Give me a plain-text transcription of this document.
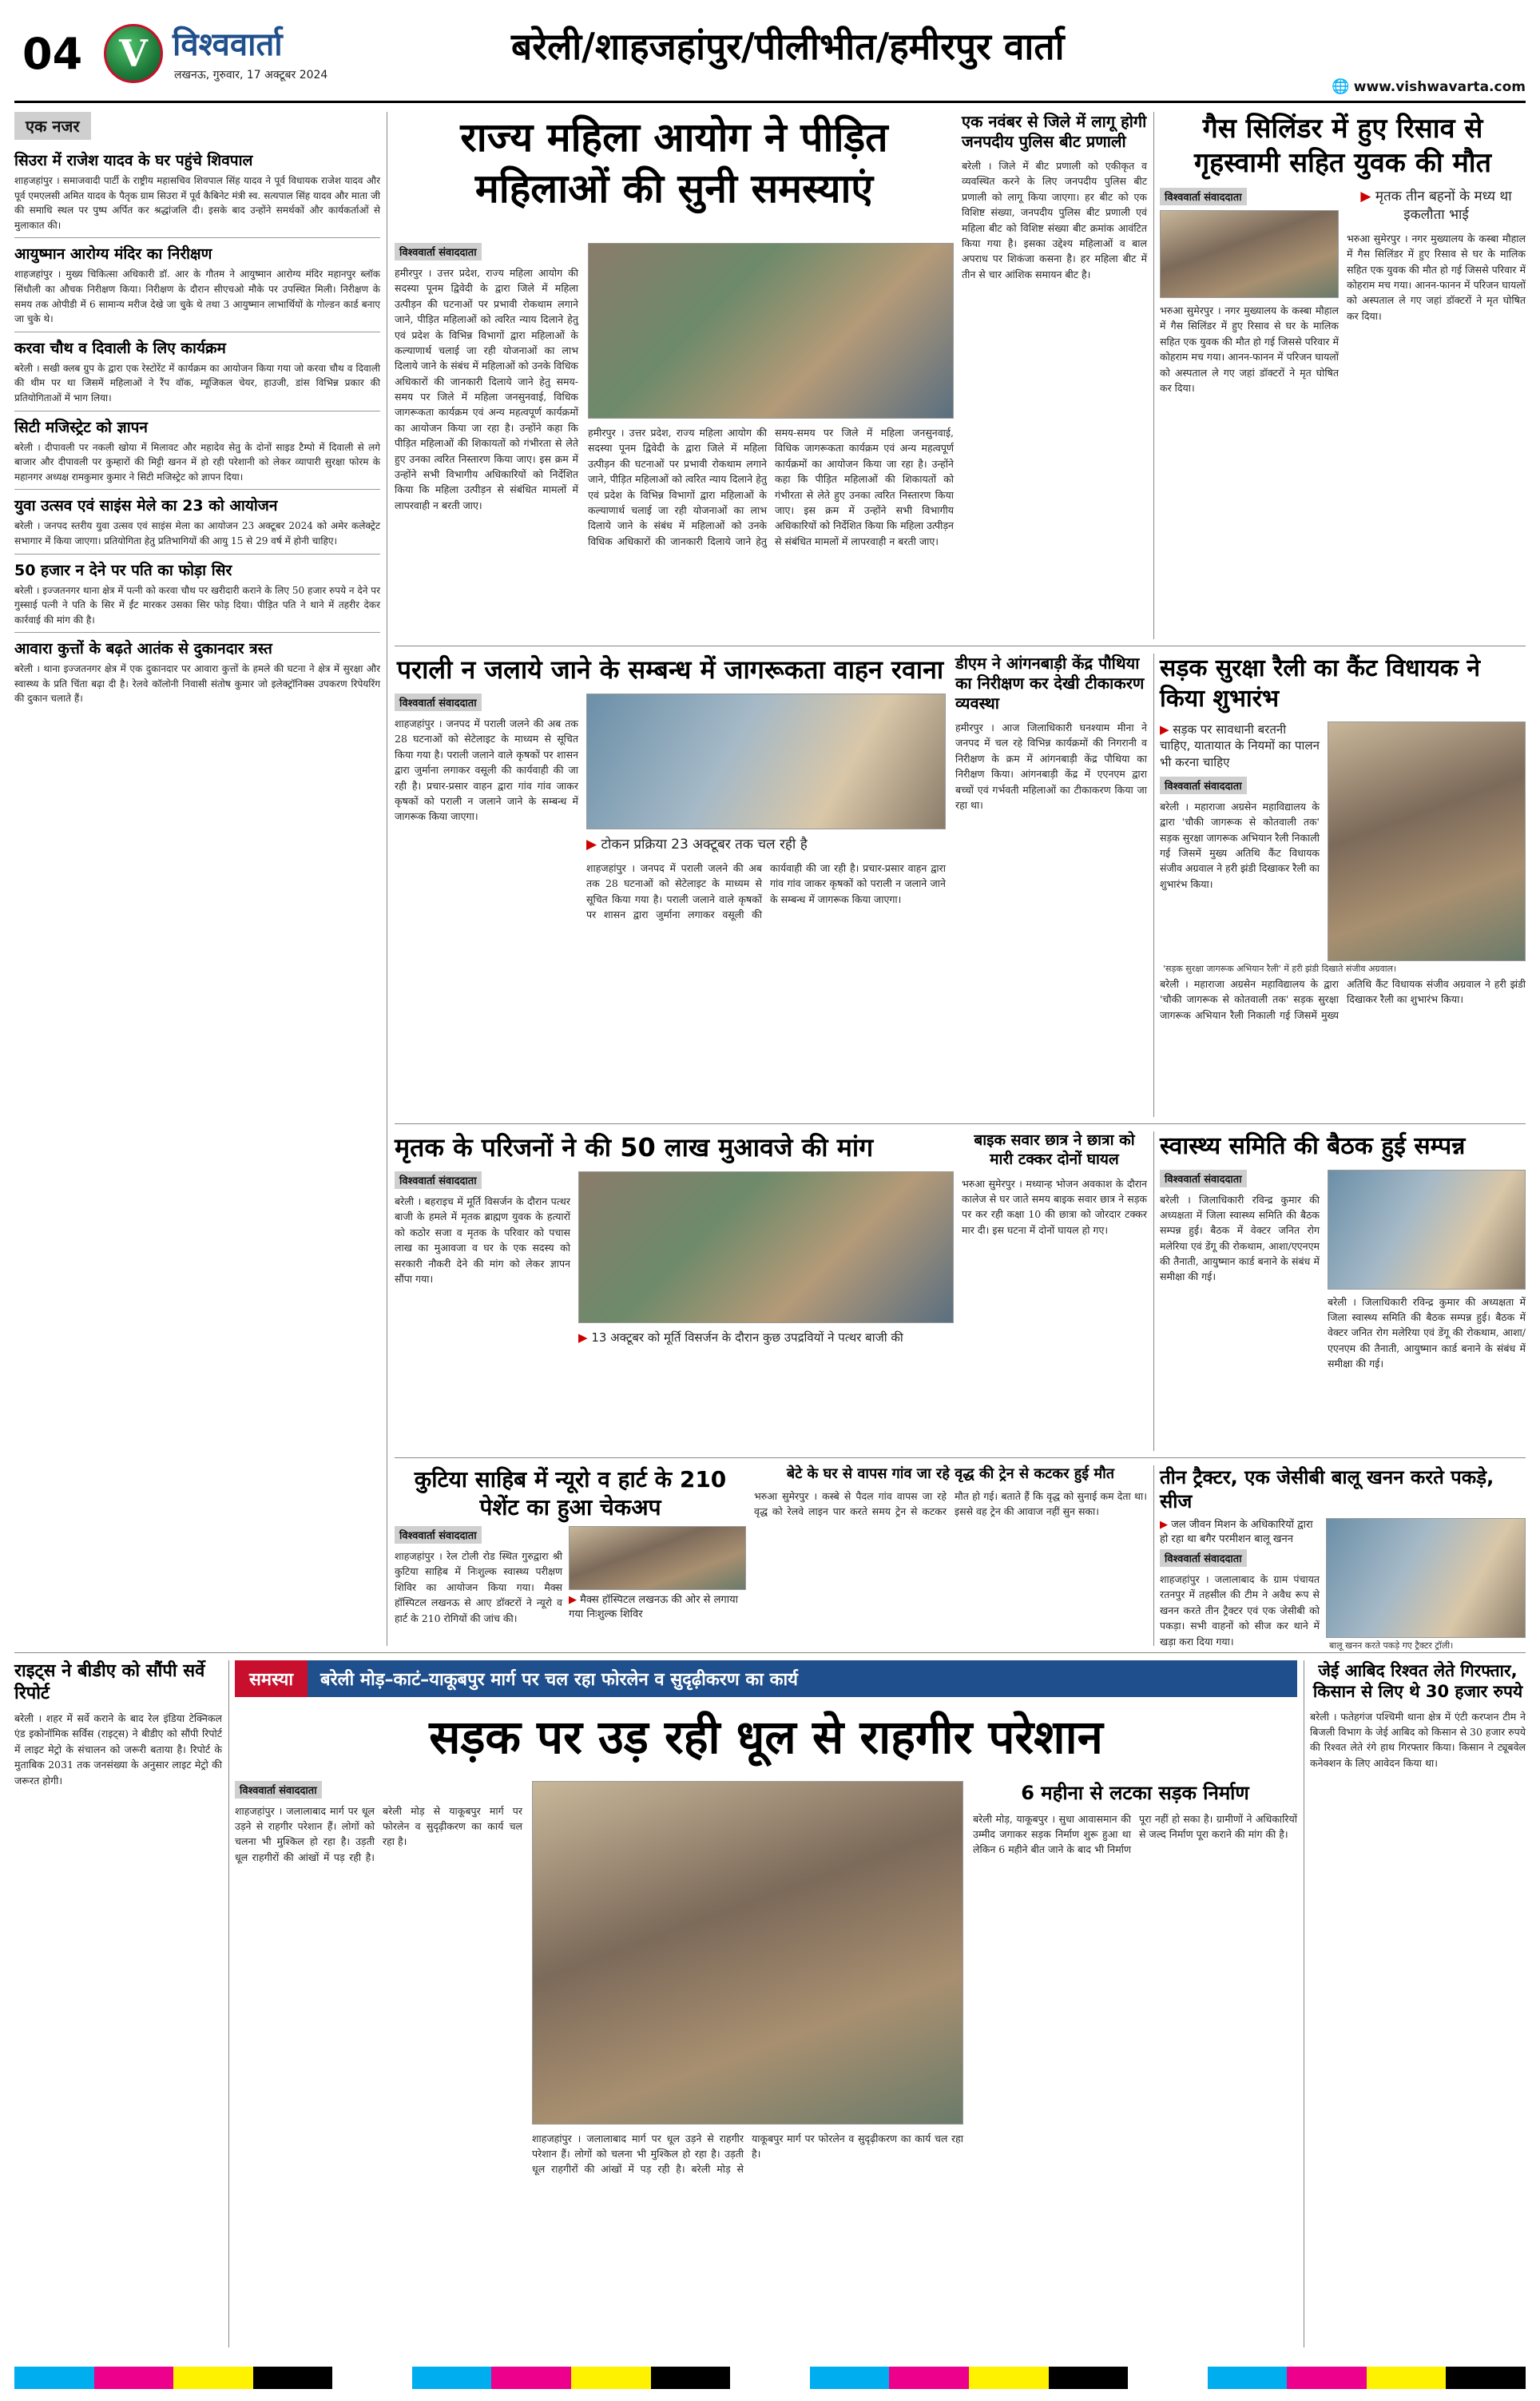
04 V विश्ववार्ता
लखनऊ, गुरुवार, 17 अक्टूबर 2024
बरेली/शाहजहांपुर/पीलीभीत/हमीरपुर वार्ता
🌐 www.vishwavarta.com
एक नजर
सिउरा में राजेश यादव के घर पहुंचे शिवपाल
शाहजहांपुर । समाजवादी पार्टी के राष्ट्रीय महासचिव शिवपाल सिंह यादव ने पूर्व विधायक राजेश यादव और पूर्व एमएलसी अमित यादव के पैतृक ग्राम सिउरा में पूर्व कैबिनेट मंत्री स्व. सत्यपाल सिंह यादव और माता जी की समाधि स्थल पर पुष्प अर्पित कर श्रद्धांजलि दी। इसके बाद उन्होंने समर्थकों और कार्यकर्ताओं से मुलाकात की।
आयुष्मान आरोग्य मंदिर का निरीक्षण
शाहजहांपुर । मुख्य चिकित्सा अधिकारी डॉ. आर के गौतम ने आयुष्मान आरोग्य मंदिर महानपुर ब्लॉक सिंधौली का औचक निरीक्षण किया। निरीक्षण के दौरान सीएचओ मौके पर उपस्थित मिली। निरीक्षण के समय तक ओपीडी में 6 सामान्य मरीज देखे जा चुके थे तथा 3 आयुष्मान लाभार्थियों के गोल्डन कार्ड बनाए जा चुके थे।
करवा चौथ व दिवाली के लिए कार्यक्रम
बरेली । सखी क्लब ग्रुप के द्वारा एक रेस्टोरेंट में कार्यक्रम का आयोजन किया गया जो करवा चौथ व दिवाली की थीम पर था जिसमें महिलाओं ने रैंप वॉक, म्यूजिकल चेयर, हाउजी, डांस विभिन्न प्रकार की प्रतियोगिताओं में भाग लिया।
सिटी मजिस्ट्रेट को ज्ञापन
बरेली । दीपावली पर नकली खोया में मिलावट और महादेव सेतु के दोनों साइड टैम्पो में दिवाली से लगे बाजार और दीपावली पर कुम्हारों की मिट्टी खनन में हो रही परेशानी को लेकर व्यापारी सुरक्षा फोरम के महानगर अध्यक्ष रामकुमार कुमार ने सिटी मजिस्ट्रेट को ज्ञापन दिया।
युवा उत्सव एवं साइंस मेले का 23 को आयोजन
बरेली । जनपद स्तरीय युवा उत्सव एवं साइंस मेला का आयोजन 23 अक्टूबर 2024 को अमेर कलेक्ट्रेट सभागार में किया जाएगा। प्रतियोगिता हेतु प्रतिभागियों की आयु 15 से 29 वर्ष में होनी चाहिए।
50 हजार न देने पर पति का फोड़ा सिर
बरेली । इज्जतनगर थाना क्षेत्र में पत्नी को करवा चौथ पर खरीदारी कराने के लिए 50 हजार रुपये न देने पर गुस्साई पत्नी ने पति के सिर में ईंट मारकर उसका सिर फोड़ दिया। पीड़ित पति ने थाने में तहरीर देकर कार्रवाई की मांग की है।
आवारा कुत्तों के बढ़ते आतंक से दुकानदार त्रस्त
बरेली । थाना इज्जतनगर क्षेत्र में एक दुकानदार पर आवारा कुत्तों के हमले की घटना ने क्षेत्र में सुरक्षा और स्वास्थ्य के प्रति चिंता बढ़ा दी है। रेलवे कॉलोनी निवासी संतोष कुमार जो इलेक्ट्रॉनिक्स उपकरण रिपेयरिंग की दुकान चलाते हैं।
राज्य महिला आयोग ने पीड़ित महिलाओं की सुनी समस्याएं
विश्ववार्ता संवाददाता
हमीरपुर । उत्तर प्रदेश, राज्य महिला आयोग की सदस्या पूनम द्विवेदी के द्वारा जिले में महिला उत्पीड़न की घटनाओं पर प्रभावी रोकथाम लगाने जाने, पीड़ित महिलाओं को त्वरित न्याय दिलाने हेतु एवं प्रदेश के विभिन्न विभागों द्वारा महिलाओं के कल्याणार्थ चलाई जा रही योजनाओं का लाभ दिलाये जाने के संबंध में महिलाओं को उनके विधिक अधिकारों की जानकारी दिलाये जाने हेतु समय-समय पर जिले में महिला जनसुनवाई, विधिक जागरूकता कार्यक्रम एवं अन्य महत्वपूर्ण कार्यक्रमों का आयोजन किया जा रहा है। उन्होंने कहा कि पीड़ित महिलाओं की शिकायतों को गंभीरता से लेते हुए उनका त्वरित निस्तारण किया जाए। इस क्रम में उन्होंने सभी विभागीय अधिकारियों को निर्देशित किया कि महिला उत्पीड़न से संबंधित मामलों में लापरवाही न बरती जाए।
हमीरपुर । उत्तर प्रदेश, राज्य महिला आयोग की सदस्या पूनम द्विवेदी के द्वारा जिले में महिला उत्पीड़न की घटनाओं पर प्रभावी रोकथाम लगाने जाने, पीड़ित महिलाओं को त्वरित न्याय दिलाने हेतु एवं प्रदेश के विभिन्न विभागों द्वारा महिलाओं के कल्याणार्थ चलाई जा रही योजनाओं का लाभ दिलाये जाने के संबंध में महिलाओं को उनके विधिक अधिकारों की जानकारी दिलाये जाने हेतु समय-समय पर जिले में महिला जनसुनवाई, विधिक जागरूकता कार्यक्रम एवं अन्य महत्वपूर्ण कार्यक्रमों का आयोजन किया जा रहा है। उन्होंने कहा कि पीड़ित महिलाओं की शिकायतों को गंभीरता से लेते हुए उनका त्वरित निस्तारण किया जाए। इस क्रम में उन्होंने सभी विभागीय अधिकारियों को निर्देशित किया कि महिला उत्पीड़न से संबंधित मामलों में लापरवाही न बरती जाए।
एक नवंबर से जिले में लागू होगी जनपदीय पुलिस बीट प्रणाली
बरेली । जिले में बीट प्रणाली को एकीकृत व व्यवस्थित करने के लिए जनपदीय पुलिस बीट प्रणाली को लागू किया जाएगा। हर बीट को एक विशिष्ट संख्या, जनपदीय पुलिस बीट प्रणाली एवं महिला बीट को विशिष्ट संख्या बीट क्रमांक आवंटित किया गया है। इसका उद्देश्य महिलाओं व बाल अपराध पर शिकंजा कसना है। हर महिला बीट में तीन से चार आंशिक समायन बीट है।
गैस सिलिंडर में हुए रिसाव से गृहस्वामी सहित युवक की मौत
विश्ववार्ता संवाददाता
भरुआ सुमेरपुर । नगर मुख्यालय के कस्बा मौहाल में गैस सिलिंडर में हुए रिसाव से घर के मालिक सहित एक युवक की मौत हो गई जिससे परिवार में कोहराम मच गया। आनन-फानन में परिजन घायलों को अस्पताल ले गए जहां डॉक्टरों ने मृत घोषित कर दिया।
▶ मृतक तीन बहनों के मध्य था इकलौता भाई
भरुआ सुमेरपुर । नगर मुख्यालय के कस्बा मौहाल में गैस सिलिंडर में हुए रिसाव से घर के मालिक सहित एक युवक की मौत हो गई जिससे परिवार में कोहराम मच गया। आनन-फानन में परिजन घायलों को अस्पताल ले गए जहां डॉक्टरों ने मृत घोषित कर दिया।
पराली न जलाये जाने के सम्बन्ध में जागरूकता वाहन रवाना
विश्ववार्ता संवाददाता
शाहजहांपुर । जनपद में पराली जलने की अब तक 28 घटनाओं को सेटेलाइट के माध्यम से सूचित किया गया है। पराली जलाने वाले कृषकों पर शासन द्वारा जुर्माना लगाकर वसूली की कार्यवाही की जा रही है। प्रचार-प्रसार वाहन द्वारा गांव गांव जाकर कृषकों को पराली न जलाने जाने के सम्बन्ध में जागरूक किया जाएगा।
▶ टोकन प्रक्रिया 23 अक्टूबर तक चल रही है
शाहजहांपुर । जनपद में पराली जलने की अब तक 28 घटनाओं को सेटेलाइट के माध्यम से सूचित किया गया है। पराली जलाने वाले कृषकों पर शासन द्वारा जुर्माना लगाकर वसूली की कार्यवाही की जा रही है। प्रचार-प्रसार वाहन द्वारा गांव गांव जाकर कृषकों को पराली न जलाने जाने के सम्बन्ध में जागरूक किया जाएगा।
डीएम ने आंगनबाड़ी केंद्र पौथिया का निरीक्षण कर देखी टीकाकरण व्यवस्था
हमीरपुर । आज जिलाधिकारी घनश्याम मीना ने जनपद में चल रहे विभिन्न कार्यक्रमों की निगरानी व निरीक्षण के क्रम में आंगनबाड़ी केंद्र पौथिया का निरीक्षण किया। आंगनबाड़ी केंद्र में एएनएम द्वारा बच्चों एवं गर्भवती महिलाओं का टीकाकरण किया जा रहा था।
सड़क सुरक्षा रैली का कैंट विधायक ने किया शुभारंभ
▶ सड़क पर सावधानी बरतनी चाहिए, यातायात के नियमों का पालन भी करना चाहिए
विश्ववार्ता संवाददाता
बरेली । महाराजा अग्रसेन महाविद्यालय के द्वारा 'चौकी जागरूक से कोतवाली तक' सड़क सुरक्षा जागरूक अभियान रैली निकाली गई जिसमें मुख्य अतिथि कैंट विधायक संजीव अग्रवाल ने हरी झंडी दिखाकर रैली का शुभारंभ किया।
'सड़क सुरक्षा जागरूक अभियान रैली' में हरी झंडी दिखाते संजीव अग्रवाल।
बरेली । महाराजा अग्रसेन महाविद्यालय के द्वारा 'चौकी जागरूक से कोतवाली तक' सड़क सुरक्षा जागरूक अभियान रैली निकाली गई जिसमें मुख्य अतिथि कैंट विधायक संजीव अग्रवाल ने हरी झंडी दिखाकर रैली का शुभारंभ किया।
मृतक के परिजनों ने की 50 लाख मुआवजे की मांग
विश्ववार्ता संवाददाता
बरेली । बहराइच में मूर्ति विसर्जन के दौरान पत्थर बाजी के हमले में मृतक ब्राह्मण युवक के हत्यारों को कठोर सजा व मृतक के परिवार को पचास लाख का मुआवजा व घर के एक सदस्य को सरकारी नौकरी देने की मांग को लेकर ज्ञापन सौंपा गया।
▶ 13 अक्टूबर को मूर्ति विसर्जन के दौरान कुछ उपद्रवियों ने पत्थर बाजी की
बाइक सवार छात्र ने छात्रा को मारी टक्कर दोनों घायल
भरुआ सुमेरपुर । मध्यान्ह भोजन अवकाश के दौरान कालेज से घर जाते समय बाइक सवार छात्र ने सड़क पर कर रही कक्षा 10 की छात्रा को जोरदार टक्कर मार दी। इस घटना में दोनों घायल हो गए।
स्वास्थ्य समिति की बैठक हुई सम्पन्न
विश्ववार्ता संवाददाता
बरेली । जिलाधिकारी रविन्द्र कुमार की अध्यक्षता में जिला स्वास्थ्य समिति की बैठक सम्पन्न हुई। बैठक में वेक्टर जनित रोग मलेरिया एवं डेंगू की रोकथाम, आशा/एएनएम की तैनाती, आयुष्मान कार्ड बनाने के संबंध में समीक्षा की गई।
बरेली । जिलाधिकारी रविन्द्र कुमार की अध्यक्षता में जिला स्वास्थ्य समिति की बैठक सम्पन्न हुई। बैठक में वेक्टर जनित रोग मलेरिया एवं डेंगू की रोकथाम, आशा/एएनएम की तैनाती, आयुष्मान कार्ड बनाने के संबंध में समीक्षा की गई।
कुटिया साहिब में न्यूरो व हार्ट के 210 पेशेंट का हुआ चेकअप
विश्ववार्ता संवाददाता
शाहजहांपुर । रेल टोली रोड स्थित गुरुद्वारा श्री कुटिया साहिब में निःशुल्क स्वास्थ्य परीक्षण शिविर का आयोजन किया गया। मैक्स हॉस्पिटल लखनऊ से आए डॉक्टरों ने न्यूरो व हार्ट के 210 रोगियों की जांच की।
▶ मैक्स हॉस्पिटल लखनऊ की ओर से लगाया गया निःशुल्क शिविर
बेटे के घर से वापस गांव जा रहे वृद्ध की ट्रेन से कटकर हुई मौत
भरुआ सुमेरपुर । कस्बे से पैदल गांव वापस जा रहे वृद्ध को रेलवे लाइन पार करते समय ट्रेन से कटकर मौत हो गई। बताते हैं कि वृद्ध को सुनाई कम देता था। इससे वह ट्रेन की आवाज नहीं सुन सका।
तीन ट्रैक्टर, एक जेसीबी बालू खनन करते पकड़े, सीज
▶ जल जीवन मिशन के अधिकारियों द्वारा हो रहा था बगैर परमीशन बालू खनन
विश्ववार्ता संवाददाता
शाहजहांपुर । जलालाबाद के ग्राम पंचायत रतनपुर में तहसील की टीम ने अवैध रूप से खनन करते तीन ट्रैक्टर एवं एक जेसीबी को पकड़ा। सभी वाहनों को सीज कर थाने में खड़ा करा दिया गया।	बालू खनन करते पकड़े गए ट्रैक्टर ट्रॉली।
राइट्स ने बीडीए को सौंपी सर्वे रिपोर्ट
बरेली । शहर में सर्वे कराने के बाद रेल इंडिया टेक्निकल एंड इकोनॉमिक सर्विस (राइट्स) ने बीडीए को सौंपी रिपोर्ट में लाइट मेट्रो के संचालन को जरूरी बताया है। रिपोर्ट के मुताबिक 2031 तक जनसंख्या के अनुसार लाइट मेट्रो की जरूरत होगी।
समस्या	बरेली मोड़–काटं–याकूबपुर मार्ग पर चल रहा फोरलेन व सुदृढ़ीकरण का कार्य
सड़क पर उड़ रही धूल से राहगीर परेशान
विश्ववार्ता संवाददाता
शाहजहांपुर । जलालाबाद मार्ग पर धूल उड़ने से राहगीर परेशान हैं। लोगों को चलना भी मुश्किल हो रहा है। उड़ती धूल राहगीरों की आंखों में पड़ रही है। बरेली मोड़ से याकूबपुर मार्ग पर फोरलेन व सुदृढ़ीकरण का कार्य चल रहा है।
शाहजहांपुर । जलालाबाद मार्ग पर धूल उड़ने से राहगीर परेशान हैं। लोगों को चलना भी मुश्किल हो रहा है। उड़ती धूल राहगीरों की आंखों में पड़ रही है। बरेली मोड़ से याकूबपुर मार्ग पर फोरलेन व सुदृढ़ीकरण का कार्य चल रहा है।
6 महीना से लटका सड़क निर्माण
बरेली मोड़, याकूबपुर । सुधा आवासमान की उम्मीद जगाकर सड़क निर्माण शुरू हुआ था लेकिन 6 महीने बीत जाने के बाद भी निर्माण पूरा नहीं हो सका है। ग्रामीणों ने अधिकारियों से जल्द निर्माण पूरा कराने की मांग की है।
जेई आबिद रिश्वत लेते गिरफ्तार, किसान से लिए थे 30 हजार रुपये
बरेली । फतेहगंज पश्चिमी थाना क्षेत्र में एंटी करप्शन टीम ने बिजली विभाग के जेई आबिद को किसान से 30 हजार रुपये की रिश्वत लेते रंगे हाथ गिरफ्तार किया। किसान ने ट्यूबवेल कनेक्शन के लिए आवेदन किया था।
